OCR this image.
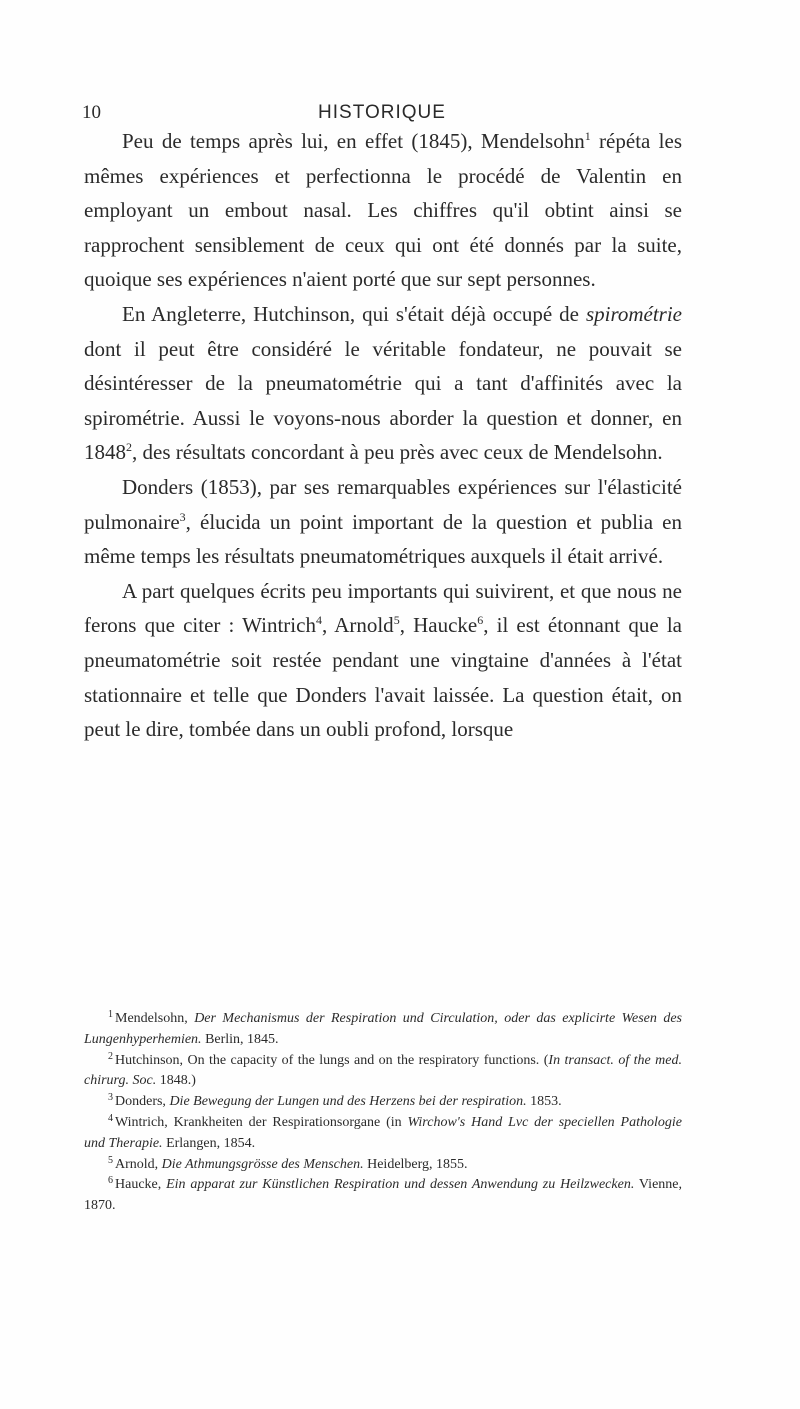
10	HISTORIQUE

Peu de temps après lui, en effet (1845), Mendelsohn$^1$ répéta les mêmes expériences et perfectionna le procédé de Valentin en employant un embout nasal. Les chiffres qu'il obtint ainsi se rapprochent sensiblement de ceux qui ont été donnés par la suite, quoique ses expériences n'aient porté que sur sept personnes.

En Angleterre, Hutchinson, qui s'était déjà occupé de spirométrie dont il peut être considéré le véritable fondateur, ne pouvait se désintéresser de la pneumatométrie qui a tant d'affinités avec la spirométrie. Aussi le voyons-nous aborder la question et donner, en 1848$^2$, des résultats concordant à peu près avec ceux de Mendelsohn.

Donders (1853), par ses remarquables expériences sur l'élasticité pulmonaire$^3$, élucida un point important de la question et publia en même temps les résultats pneumatométriques auxquels il était arrivé.

A part quelques écrits peu importants qui suivirent, et que nous ne ferons que citer : Wintrich$^4$, Arnold$^5$, Haucke$^6$, il est étonnant que la pneumatométrie soit restée pendant une vingtaine d'années à l'état stationnaire et telle que Donders l'avait laissée. La question était, on peut le dire, tombée dans un oubli profond, lorsque

$^1$ Mendelsohn, Der Mechanismus der Respiration und Circulation, oder das explicirte Wesen des Lungenhyperhemien. Berlin, 1845.

$^2$ Hutchinson, On the capacity of the lungs and on the respiratory functions. (In transact. of the med. chirurg. Soc. 1848.)

$^3$ Donders, Die Bewegung der Lungen und des Herzens bei der respiration. 1853.

$^4$ Wintrich, Krankheiten der Respirationsorgane (in Wirchow's Hand Lvc der speciellen Pathologie und Therapie. Erlangen, 1854.

$^5$ Arnold, Die Athmungsgrösse des Menschen. Heidelberg, 1855.

$^6$ Haucke, Ein apparat zur Künstlichen Respiration und dessen Anwendung zu Heilzwecken. Vienne, 1870.
